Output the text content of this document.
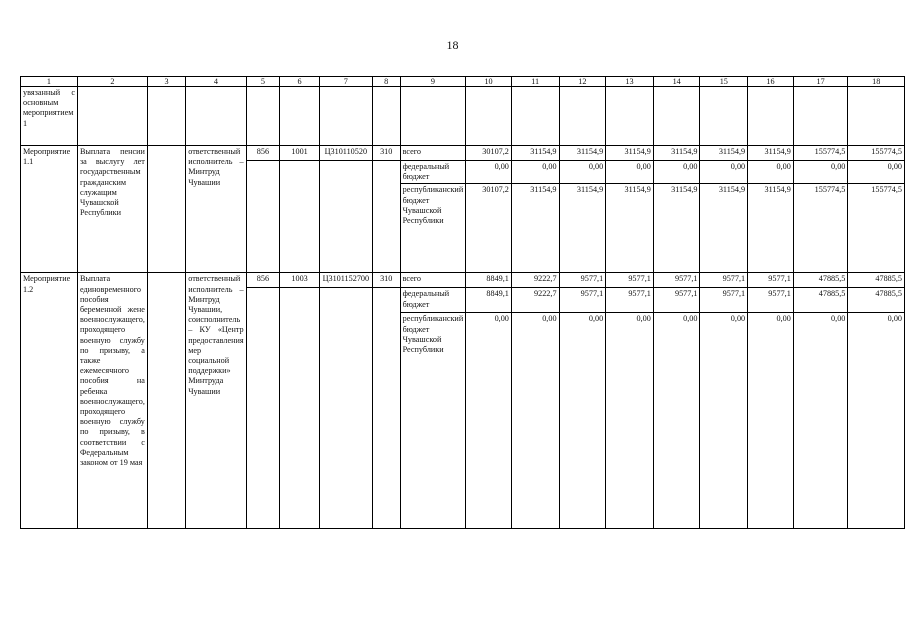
18
1	2	3	4	5	6	7	8	9	10	11	12	13	14	15	16	17	18
увязанный с основным мероприятием 1																	
Мероприятие 1.1	Выплата пенсии за выслугу лет государственным гражданским служащим Чувашской Республики		ответственный исполнитель – Минтруд Чувашии	856	1001	Ц310110520	310	всего	30107,2	31154,9	31154,9	31154,9	31154,9	31154,9	31154,9	155774,5	155774,5
								федеральный бюджет	0,00	0,00	0,00	0,00	0,00	0,00	0,00	0,00	0,00
								республиканский бюджет Чувашской Республики	30107,2	31154,9	31154,9	31154,9	31154,9	31154,9	31154,9	155774,5	155774,5
Мероприятие 1.2	Выплата единовременного пособия беременной жене военнослужащего, проходящего военную службу по призыву, а также ежемесячного пособия на ребенка военнослужащего, проходящего военную службу по призыву, в соответствии с Федеральным законом от 19 мая		ответственный исполнитель – Минтруд Чувашии, соисполнитель – КУ «Центр предоставления мер социальной поддержки» Минтруда Чувашии	856	1003	Ц3101152700	310	всего	8849,1	9222,7	9577,1	9577,1	9577,1	9577,1	9577,1	47885,5	47885,5
								федеральный бюджет	8849,1	9222,7	9577,1	9577,1	9577,1	9577,1	9577,1	47885,5	47885,5
								республиканский бюджет Чувашской Республики	0,00	0,00	0,00	0,00	0,00	0,00	0,00	0,00	0,00
